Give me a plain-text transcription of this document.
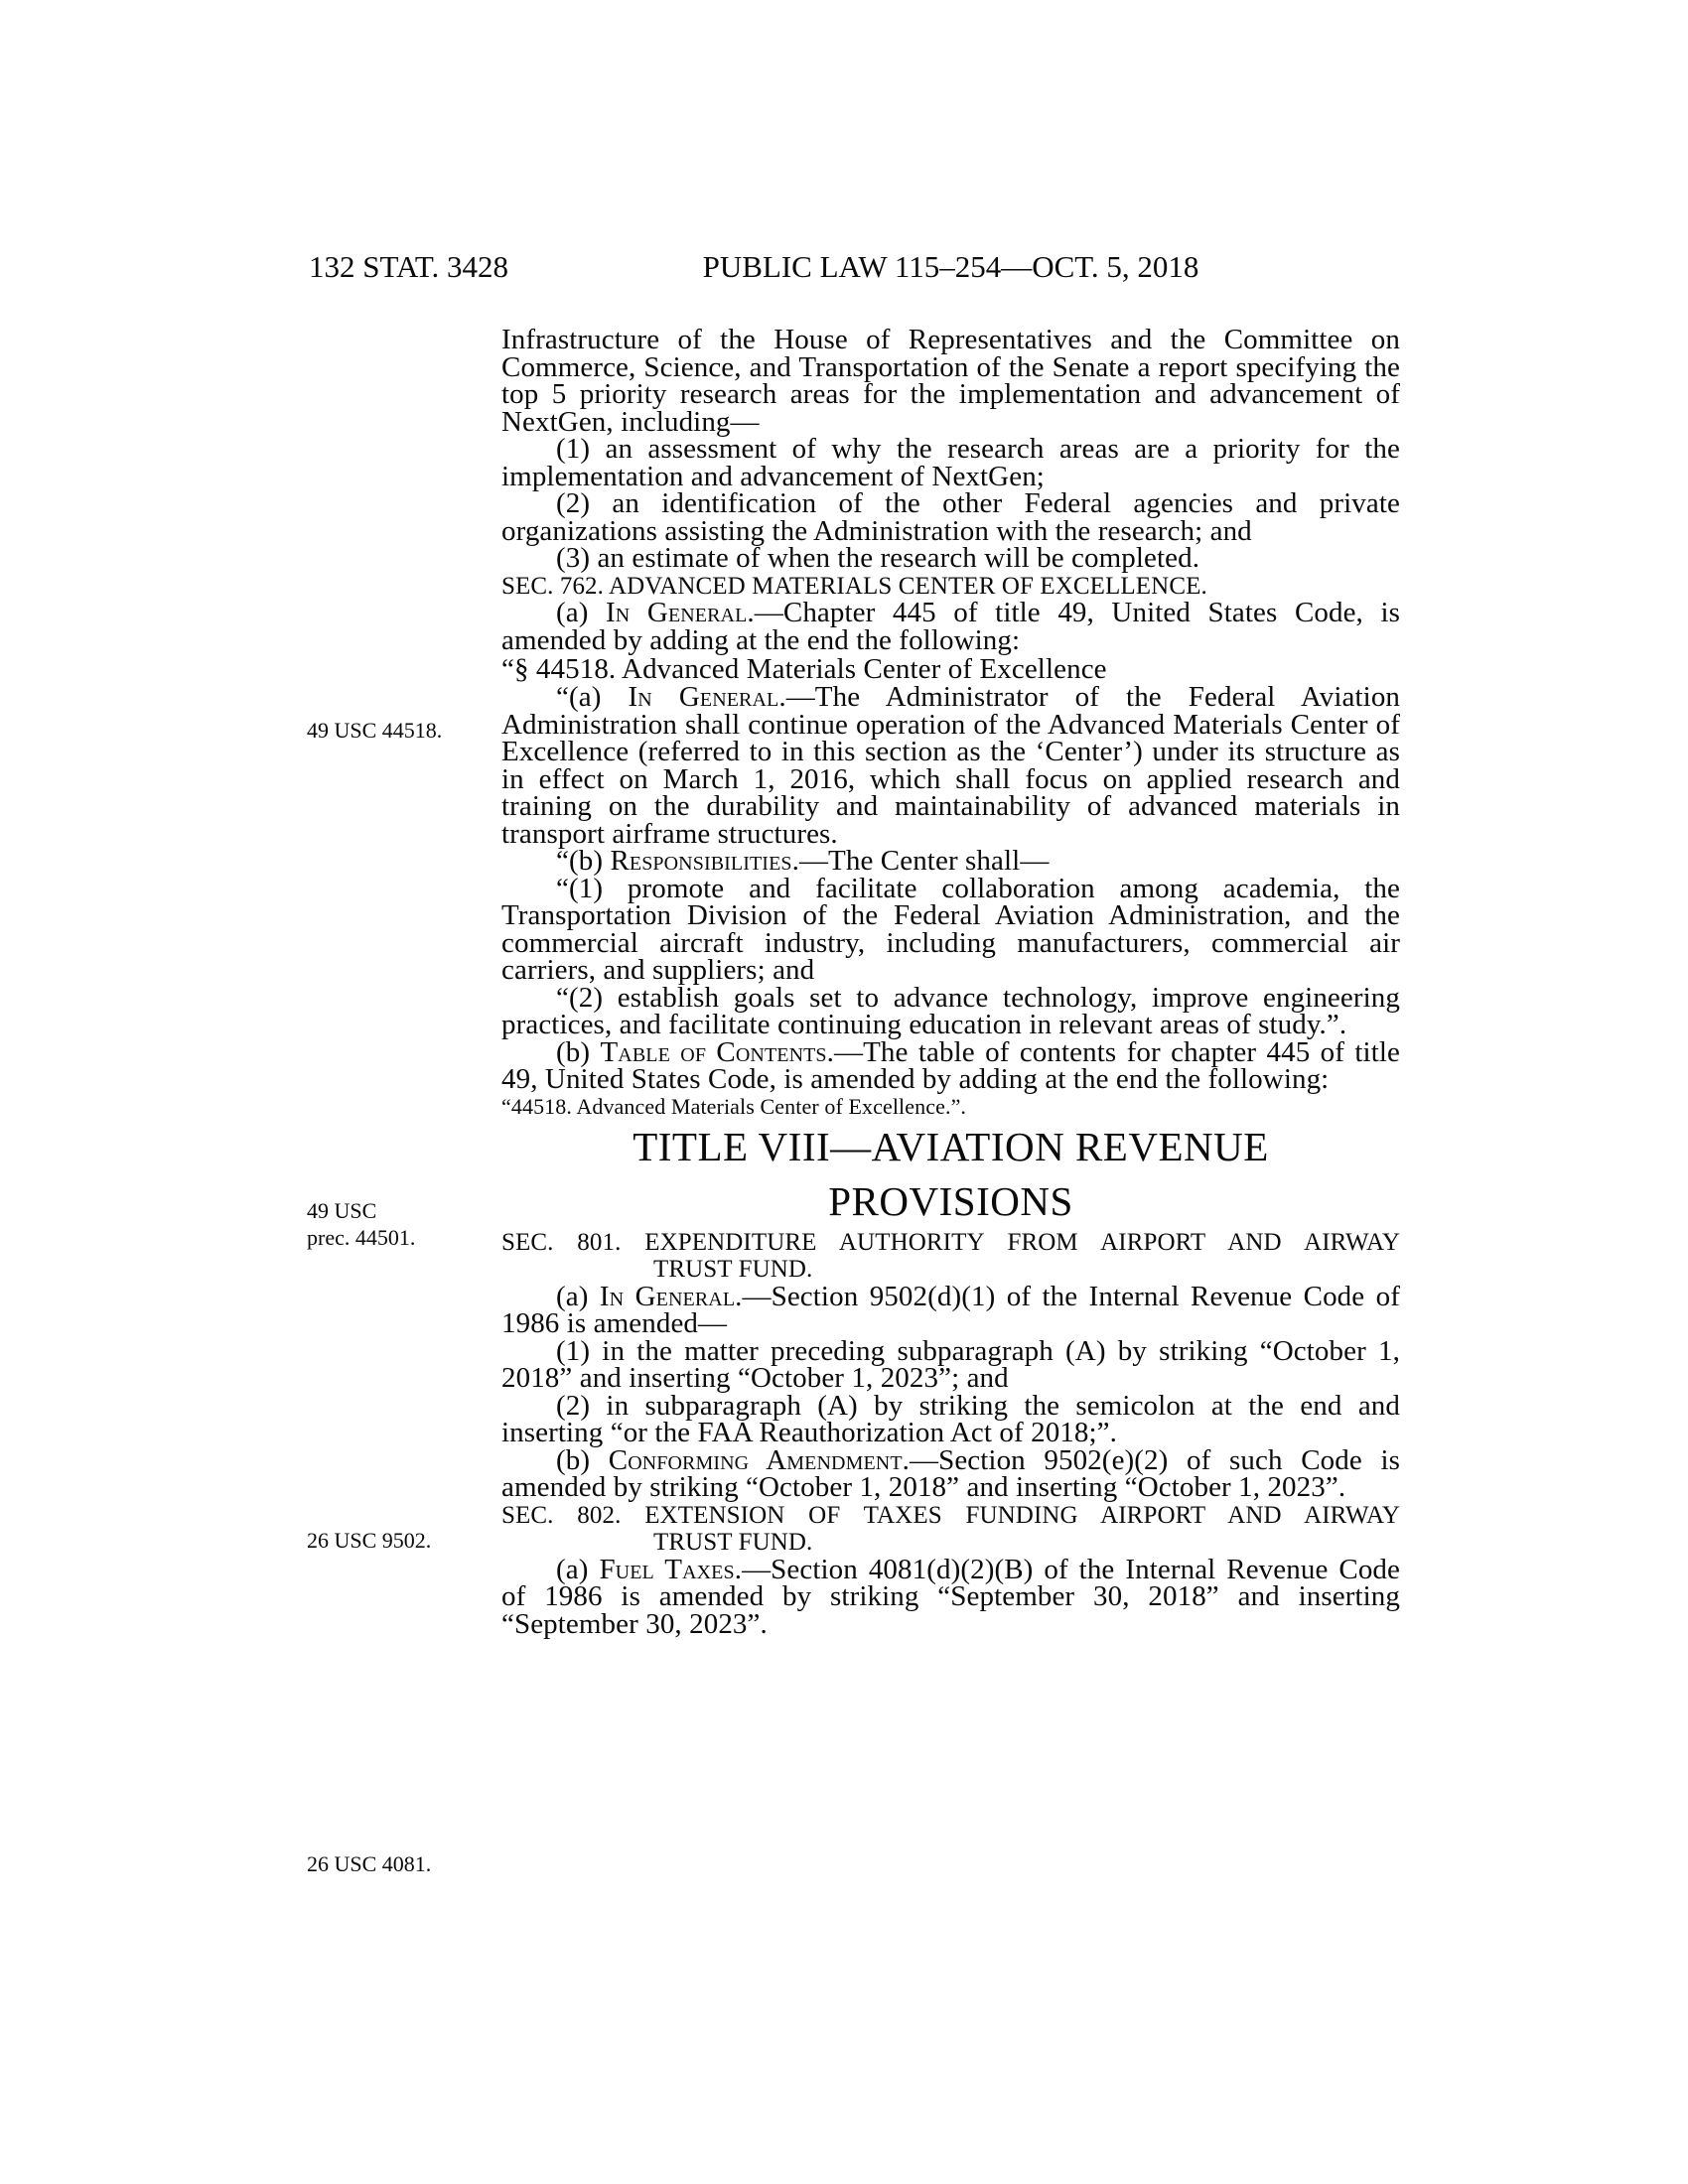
132 STAT. 3428	PUBLIC LAW 115–254—OCT. 5, 2018
49 USC 44518.
49 USC
prec. 44501.
26 USC 9502.
26 USC 4081.

Infrastructure of the House of Representatives and the Committee on Commerce, Science, and Transportation of the Senate a report specifying the top 5 priority research areas for the implementation and advancement of NextGen, including—

(1) an assessment of why the research areas are a priority for the implementation and advancement of NextGen;

(2) an identification of the other Federal agencies and private organizations assisting the Administration with the research; and

(3) an estimate of when the research will be completed.

SEC. 762. ADVANCED MATERIALS CENTER OF EXCELLENCE.

(a) In General.—Chapter 445 of title 49, United States Code, is amended by adding at the end the following:

“§ 44518. Advanced Materials Center of Excellence

“(a) In General.—The Administrator of the Federal Aviation Administration shall continue operation of the Advanced Materials Center of Excellence (referred to in this section as the ‘Center’) under its structure as in effect on March 1, 2016, which shall focus on applied research and training on the durability and maintainability of advanced materials in transport airframe structures.

“(b) Responsibilities.—The Center shall—

“(1) promote and facilitate collaboration among academia, the Transportation Division of the Federal Aviation Administration, and the commercial aircraft industry, including manufacturers, commercial air carriers, and suppliers; and

“(2) establish goals set to advance technology, improve engineering practices, and facilitate continuing education in relevant areas of study.”.

(b) Table of Contents.—The table of contents for chapter 445 of title 49, United States Code, is amended by adding at the end the following:

“44518. Advanced Materials Center of Excellence.”.

TITLE VIII—AVIATION REVENUE
PROVISIONS
SEC. 801. EXPENDITURE AUTHORITY FROM AIRPORT AND AIRWAY
TRUST FUND.

(a) In General.—Section 9502(d)(1) of the Internal Revenue Code of 1986 is amended—

(1) in the matter preceding subparagraph (A) by striking “October 1, 2018” and inserting “October 1, 2023”; and

(2) in subparagraph (A) by striking the semicolon at the end and inserting “or the FAA Reauthorization Act of 2018;”.

(b) Conforming Amendment.—Section 9502(e)(2) of such Code is amended by striking “October 1, 2018” and inserting “October 1, 2023”.

SEC. 802. EXTENSION OF TAXES FUNDING AIRPORT AND AIRWAY
TRUST FUND.

(a) Fuel Taxes.—Section 4081(d)(2)(B) of the Internal Revenue Code of 1986 is amended by striking “September 30, 2018” and inserting “September 30, 2023”.
